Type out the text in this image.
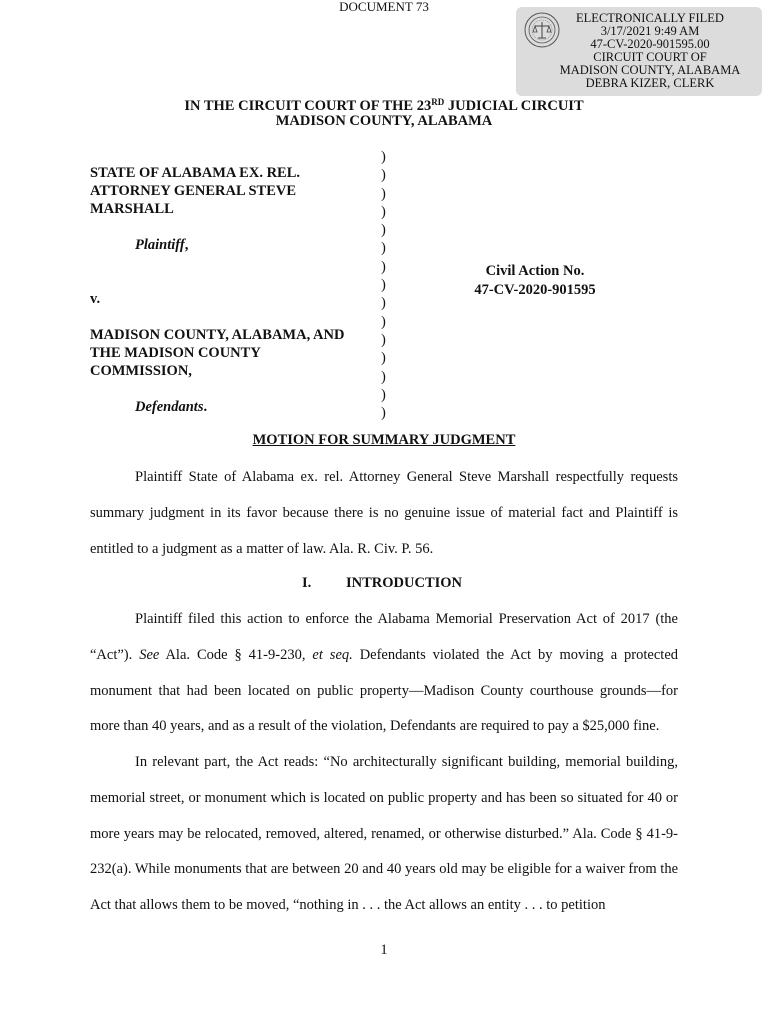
DOCUMENT 73
ELECTRONICALLY FILED
3/17/2021 9:49 AM
47-CV-2020-901595.00
CIRCUIT COURT OF
MADISON COUNTY, ALABAMA
DEBRA KIZER, CLERK
IN THE CIRCUIT COURT OF THE 23RD JUDICIAL CIRCUIT
MADISON COUNTY, ALABAMA
STATE OF ALABAMA EX. REL.
ATTORNEY GENERAL STEVE
MARSHALL
Plaintiff,
v.
MADISON COUNTY, ALABAMA, AND
THE MADISON COUNTY
COMMISSION,
Defendants.
)
)
)
)
)
)
)
)
)
)
)
)
)
)
)
Civil Action No.
47-CV-2020-901595
MOTION FOR SUMMARY JUDGMENT

Plaintiff State of Alabama ex. rel. Attorney General Steve Marshall respectfully requests summary judgment in its favor because there is no genuine issue of material fact and Plaintiff is entitled to a judgment as a matter of law. Ala. R. Civ. P. 56.

I. INTRODUCTION

Plaintiff filed this action to enforce the Alabama Memorial Preservation Act of 2017 (the “Act”). See Ala. Code § 41-9-230, et seq. Defendants violated the Act by moving a protected monument that had been located on public property—Madison County courthouse grounds—for more than 40 years, and as a result of the violation, Defendants are required to pay a $25,000 fine.

In relevant part, the Act reads: “No architecturally significant building, memorial building, memorial street, or monument which is located on public property and has been so situated for 40 or more years may be relocated, removed, altered, renamed, or otherwise disturbed.” Ala. Code § 41-9-232(a). While monuments that are between 20 and 40 years old may be eligible for a waiver from the Act that allows them to be moved, “nothing in . . . the Act allows an entity . . . to petition

1
